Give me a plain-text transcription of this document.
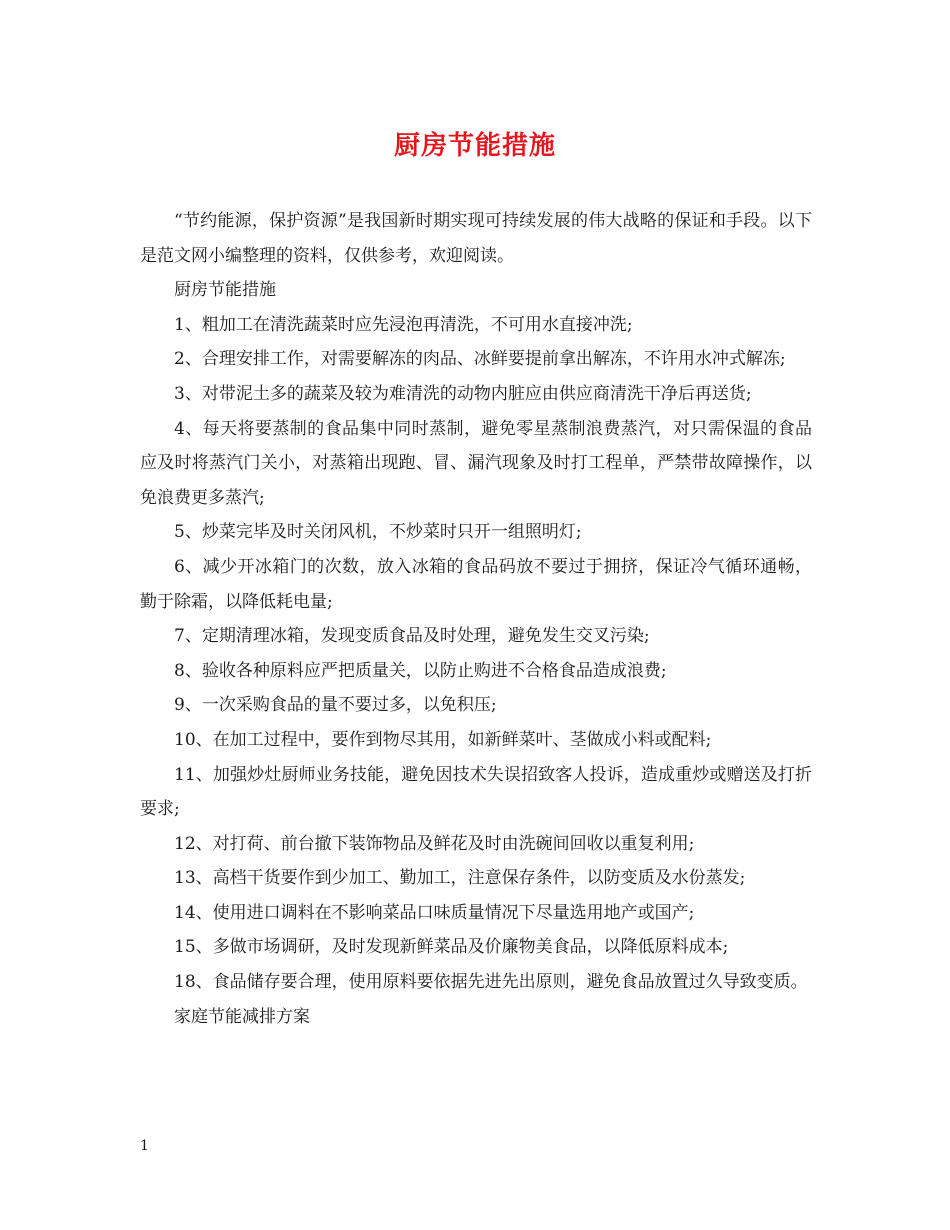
厨房节能措施

“节约能源，保护资源”是我国新时期实现可持续发展的伟大战略的保证和手段。以下是范文网小编整理的资料，仅供参考，欢迎阅读。

厨房节能措施

1、粗加工在清洗蔬菜时应先浸泡再清洗，不可用水直接冲洗;

2、合理安排工作，对需要解冻的肉品、冰鲜要提前拿出解冻，不许用水冲式解冻;

3、对带泥土多的蔬菜及较为难清洗的动物内脏应由供应商清洗干净后再送货;

4、每天将要蒸制的食品集中同时蒸制，避免零星蒸制浪费蒸汽，对只需保温的食品应及时将蒸汽门关小，对蒸箱出现跑、冒、漏汽现象及时打工程单，严禁带故障操作，以免浪费更多蒸汽;

5、炒菜完毕及时关闭风机，不炒菜时只开一组照明灯;

6、减少开冰箱门的次数，放入冰箱的食品码放不要过于拥挤，保证冷气循环通畅，勤于除霜，以降低耗电量;

7、定期清理冰箱，发现变质食品及时处理，避免发生交叉污染;

8、验收各种原料应严把质量关，以防止购进不合格食品造成浪费;

9、一次采购食品的量不要过多，以免积压;

10、在加工过程中，要作到物尽其用，如新鲜菜叶、茎做成小料或配料;

11、加强炒灶厨师业务技能，避免因技术失误招致客人投诉，造成重炒或赠送及打折要求;

12、对打荷、前台撤下装饰物品及鲜花及时由洗碗间回收以重复利用;

13、高档干货要作到少加工、勤加工，注意保存条件，以防变质及水份蒸发;

14、使用进口调料在不影响菜品口味质量情况下尽量选用地产或国产;

15、多做市场调研，及时发现新鲜菜品及价廉物美食品，以降低原料成本;

18、食品储存要合理，使用原料要依据先进先出原则，避免食品放置过久导致变质。

家庭节能减排方案

1
